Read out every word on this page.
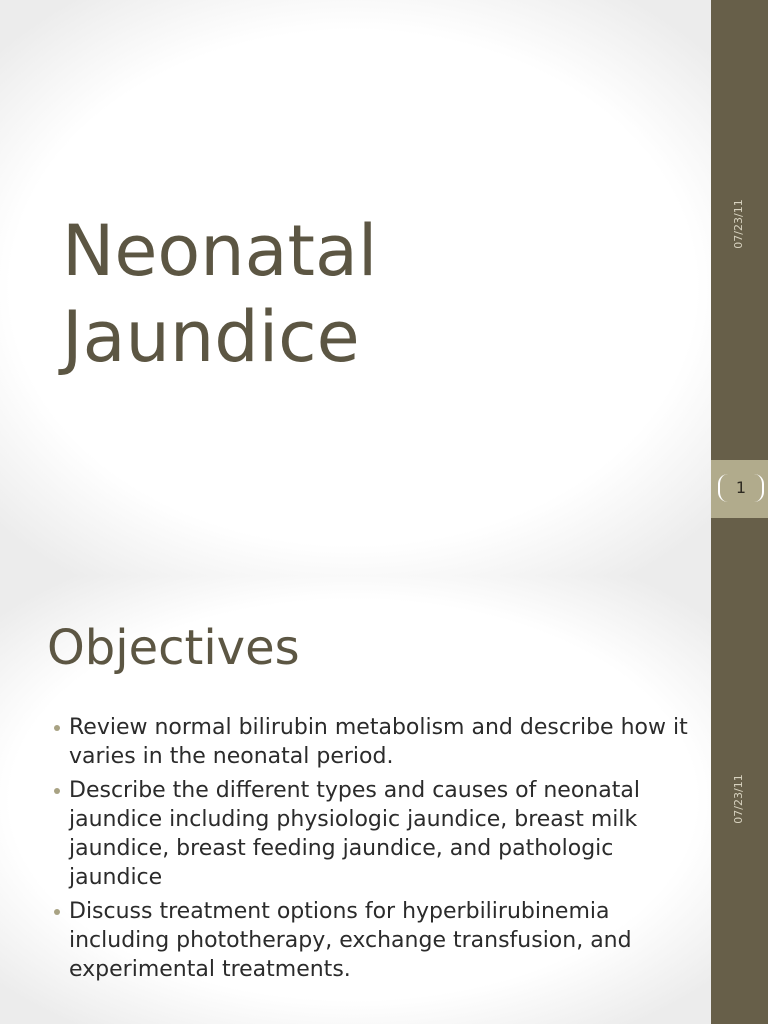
Neonatal Jaundice
07/23/11
1
Objectives
Review normal bilirubin metabolism and describe how it varies in the neonatal period.
Describe the different types and causes of neonatal jaundice including physiologic jaundice, breast milk jaundice, breast feeding jaundice, and pathologic jaundice
Discuss treatment options for hyperbilirubinemia including phototherapy, exchange transfusion, and experimental treatments.
07/23/11
